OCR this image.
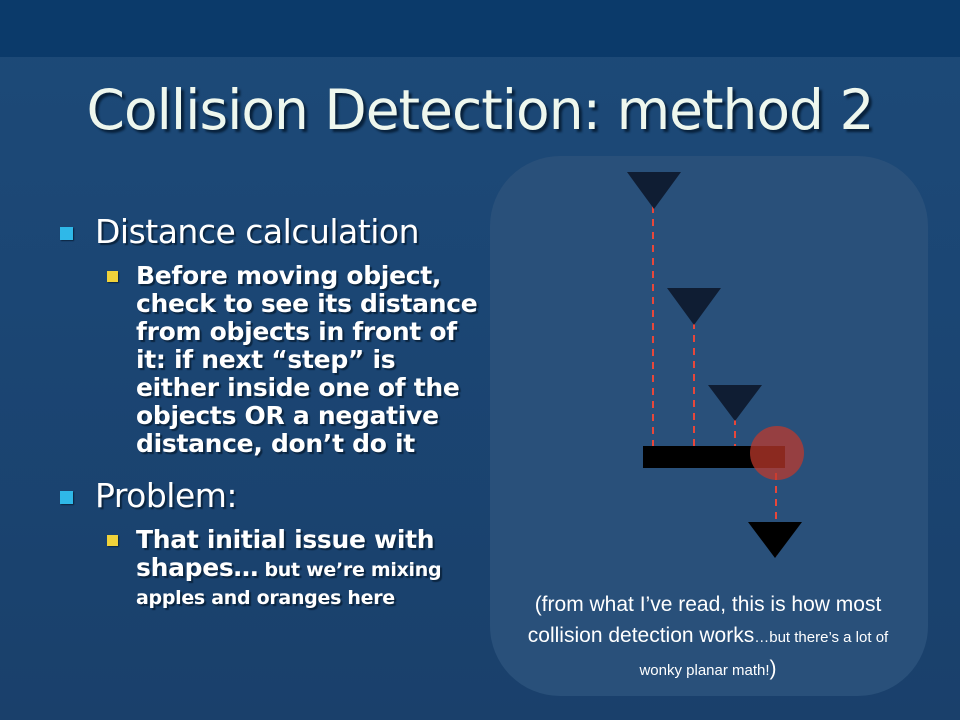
Collision Detection: method 2
Distance calculation
Before moving object, check to see its distance from objects in front of it: if next “step” is either inside one of the objects OR a negative distance, don’t do it
Problem:
That initial issue with shapes… but we’re mixing apples and oranges here	(from what I’ve read, this is how most collision detection works…but there’s a lot of wonky planar math!)
